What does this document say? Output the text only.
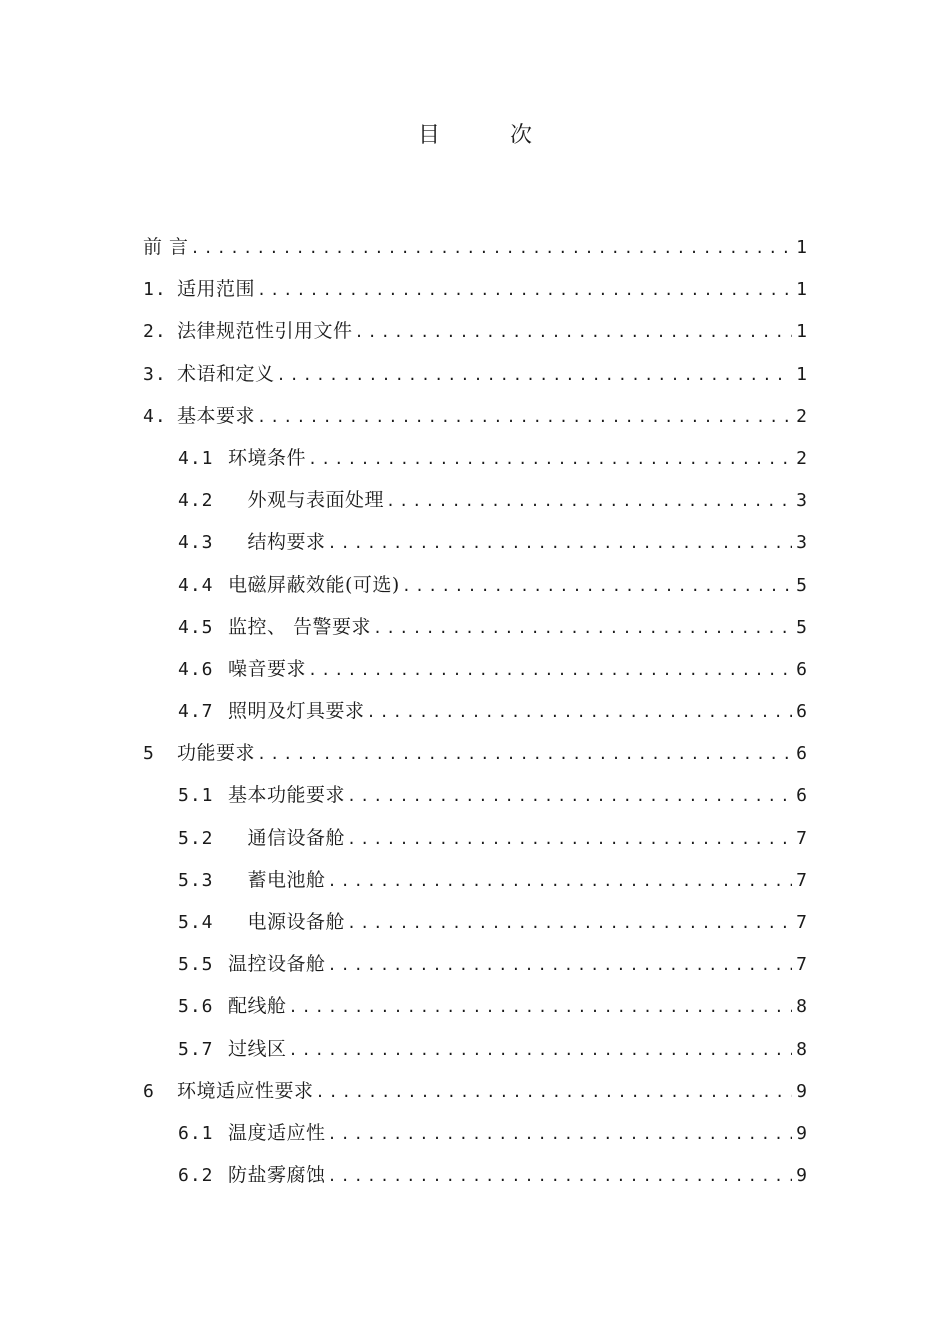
目　次
前 言 .....	1
1. 适用范围 .....	1
2. 法律规范性引用文件 .....	1
3. 术语和定义 .....	1
4. 基本要求 .....	2
4.1 环境条件 .....	2
4.2　外观与表面处理 .....	3
4.3　结构要求 .....	3
4.4 电磁屏蔽效能(可选) .....	5
4.5 监控、 告警要求 .....	5
4.6 噪音要求 .....	6
4.7 照明及灯具要求 .....	6
5 功能要求 .....	6
5.1 基本功能要求 .....	6
5.2　通信设备舱 .....	7
5.3　蓄电池舱 .....	7
5.4　电源设备舱 .....	7
5.5 温控设备舱 .....	7
5.6 配线舱 .....	8
5.7 过线区 .....	8
6 环境适应性要求 .....	9
6.1 温度适应性 .....	9
6.2 防盐雾腐蚀 .....	9
